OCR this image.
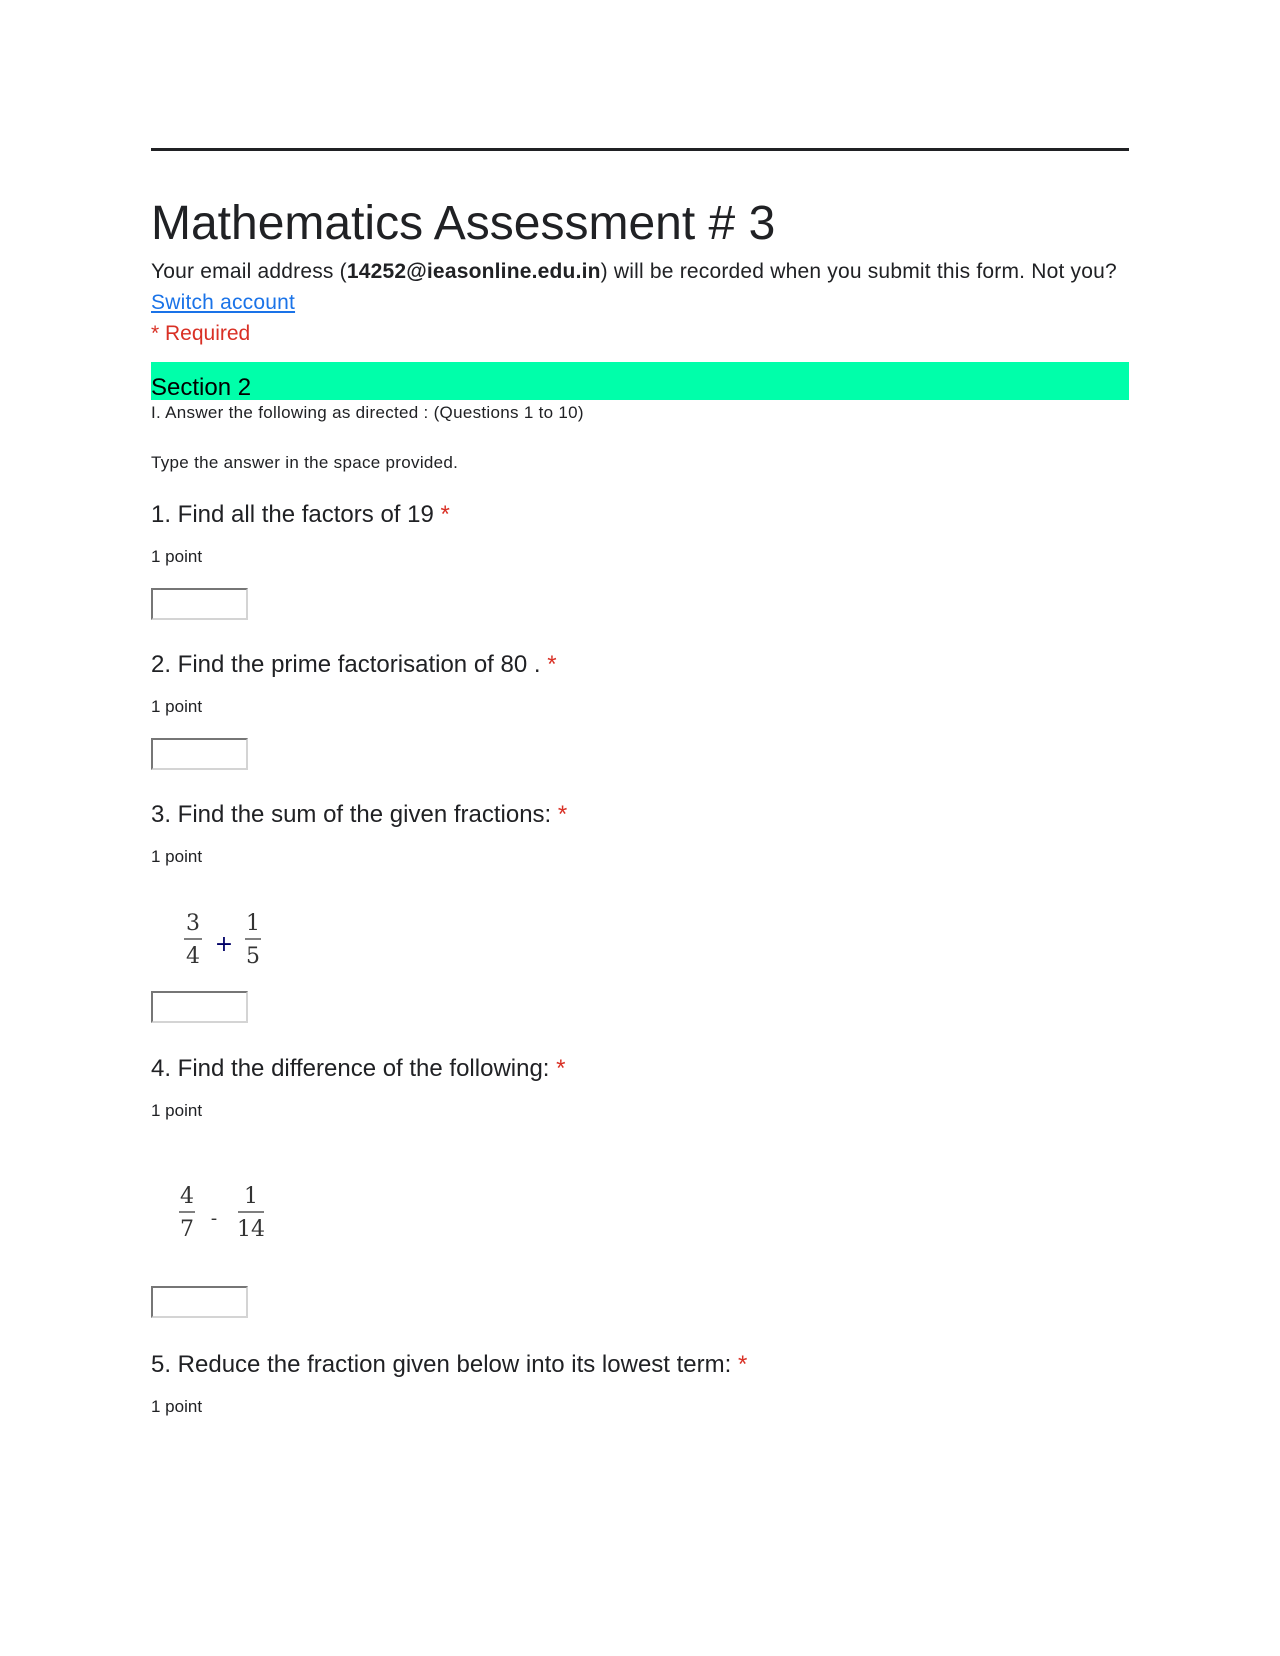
Mathematics Assessment # 3
Your email address (14252@ieasonline.edu.in) will be recorded when you submit this form. Not you? Switch account
* Required
Section 2

I. Answer the following as directed : (Questions 1 to 10)

Type the answer in the space provided.

1. Find all the factors of 19 *
1 point
2. Find the prime factorisation of 80 . *
1 point
3. Find the sum of the given fractions: *
1 point
3
4 +
1
5
4. Find the difference of the following: *
1 point
4
7 -
1
14
5. Reduce the fraction given below into its lowest term: *
1 point
